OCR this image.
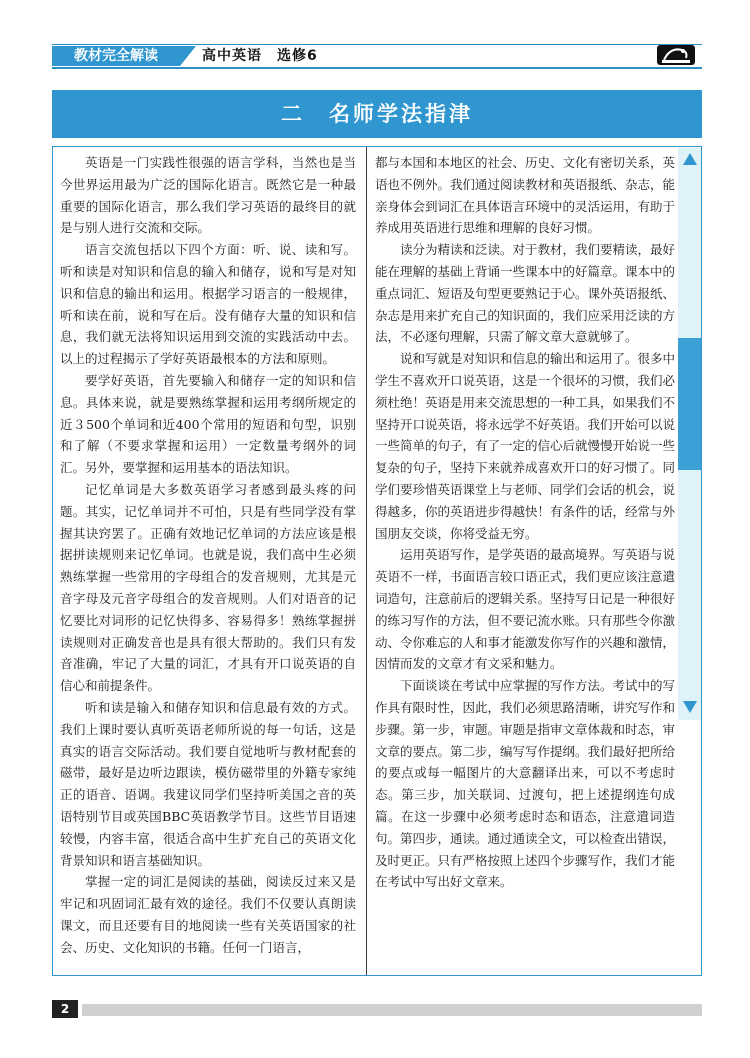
教材完全解读	高中英语　选修6
二　名师学法指津

英语是一门实践性很强的语言学科，当然也是当今世界运用最为广泛的国际化语言。既然它是一种最重要的国际化语言，那么我们学习英语的最终目的就是与别人进行交流和交际。

语言交流包括以下四个方面：听、说、读和写。听和读是对知识和信息的输入和储存，说和写是对知识和信息的输出和运用。根据学习语言的一般规律，听和读在前，说和写在后。没有储存大量的知识和信息，我们就无法将知识运用到交流的实践活动中去。以上的过程揭示了学好英语最根本的方法和原则。

要学好英语，首先要输入和储存一定的知识和信息。具体来说，就是要熟练掌握和运用考纲所规定的近３500个单词和近400个常用的短语和句型，识别和了解（不要求掌握和运用）一定数量考纲外的词汇。另外，要掌握和运用基本的语法知识。

记忆单词是大多数英语学习者感到最头疼的问题。其实，记忆单词并不可怕，只是有些同学没有掌握其诀窍罢了。正确有效地记忆单词的方法应该是根据拼读规则来记忆单词。也就是说，我们高中生必须熟练掌握一些常用的字母组合的发音规则，尤其是元音字母及元音字母组合的发音规则。人们对语音的记忆要比对词形的记忆快得多、容易得多！熟练掌握拼读规则对正确发音也是具有很大帮助的。我们只有发音准确，牢记了大量的词汇，才具有开口说英语的自信心和前提条件。

听和读是输入和储存知识和信息最有效的方式。我们上课时要认真听英语老师所说的每一句话，这是真实的语言交际活动。我们要自觉地听与教材配套的磁带，最好是边听边跟读，模仿磁带里的外籍专家纯正的语音、语调。我建议同学们坚持听美国之音的英语特别节目或英国BBC英语教学节目。这些节目语速较慢，内容丰富，很适合高中生扩充自己的英语文化背景知识和语言基础知识。

掌握一定的词汇是阅读的基础，阅读反过来又是牢记和巩固词汇最有效的途径。我们不仅要认真朗读课文，而且还要有目的地阅读一些有关英语国家的社会、历史、文化知识的书籍。任何一门语言，

都与本国和本地区的社会、历史、文化有密切关系，英语也不例外。我们通过阅读教材和英语报纸、杂志，能亲身体会到词汇在具体语言环境中的灵活运用，有助于养成用英语进行思维和理解的良好习惯。

读分为精读和泛读。对于教材，我们要精读，最好能在理解的基础上背诵一些课本中的好篇章。课本中的重点词汇、短语及句型更要熟记于心。课外英语报纸、杂志是用来扩充自己的知识面的，我们应采用泛读的方法，不必逐句理解，只需了解文章大意就够了。

说和写就是对知识和信息的输出和运用了。很多中学生不喜欢开口说英语，这是一个很坏的习惯，我们必须杜绝！英语是用来交流思想的一种工具，如果我们不坚持开口说英语，将永远学不好英语。我们开始可以说一些简单的句子，有了一定的信心后就慢慢开始说一些复杂的句子，坚持下来就养成喜欢开口的好习惯了。同学们要珍惜英语课堂上与老师、同学们会话的机会，说得越多，你的英语进步得越快！有条件的话，经常与外国朋友交谈，你将受益无穷。

运用英语写作，是学英语的最高境界。写英语与说英语不一样，书面语言较口语正式，我们更应该注意遣词造句，注意前后的逻辑关系。坚持写日记是一种很好的练习写作的方法，但不要记流水账。只有那些令你激动、令你难忘的人和事才能激发你写作的兴趣和激情，因情而发的文章才有文采和魅力。

下面谈谈在考试中应掌握的写作方法。考试中的写作具有限时性，因此，我们必须思路清晰，讲究写作和步骤。第一步，审题。审题是指审文章体裁和时态，审文章的要点。第二步，编写写作提纲。我们最好把所给的要点或每一幅图片的大意翻译出来，可以不考虑时态。第三步，加关联词、过渡句，把上述提纲连句成篇。在这一步骤中必须考虑时态和语态，注意遣词造句。第四步，通读。通过通读全文，可以检查出错误，及时更正。只有严格按照上述四个步骤写作，我们才能在考试中写出好文章来。

2
